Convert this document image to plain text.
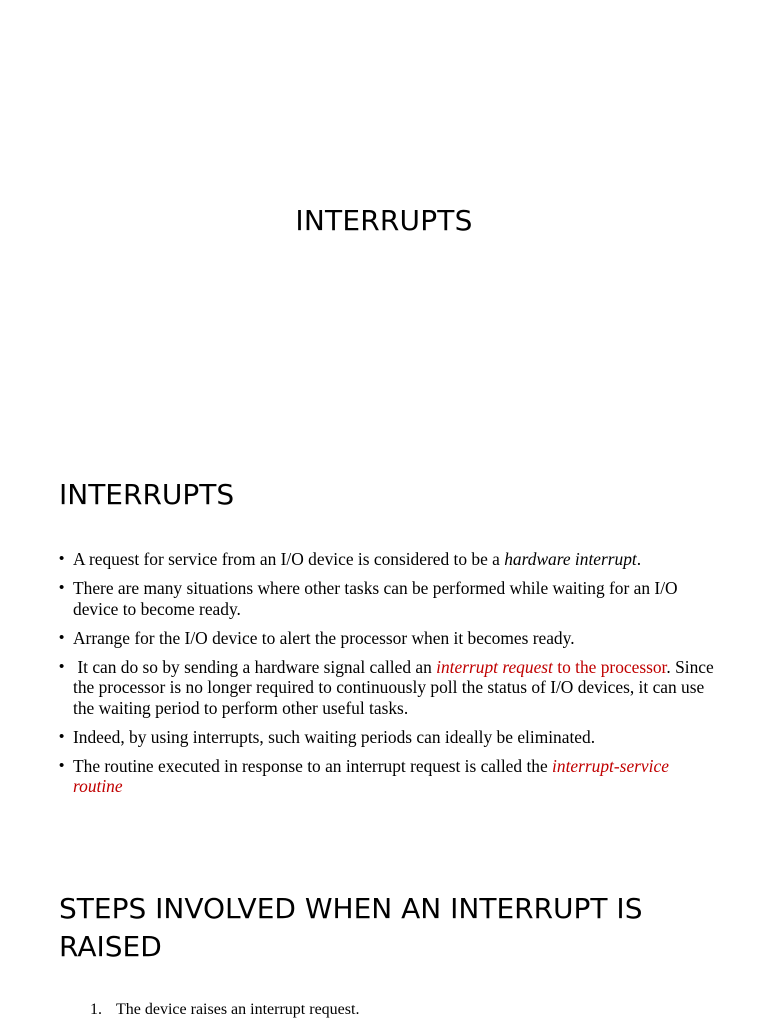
INTERRUPTS
INTERRUPTS
• A request for service from an I/O device is considered to be a hardware interrupt.
• There are many situations where other tasks can be performed while waiting for an I/O device to become ready.
• Arrange for the I/O device to alert the processor when it becomes ready.
•  It can do so by sending a hardware signal called an interrupt request to the processor. Since the processor is no longer required to continuously poll the status of I/O devices, it can use the waiting period to perform other useful tasks.
• Indeed, by using interrupts, such waiting periods can ideally be eliminated.
• The routine executed in response to an interrupt request is called the interrupt-service routine
STEPS INVOLVED WHEN AN INTERRUPT IS RAISED
1. The device raises an interrupt request.
